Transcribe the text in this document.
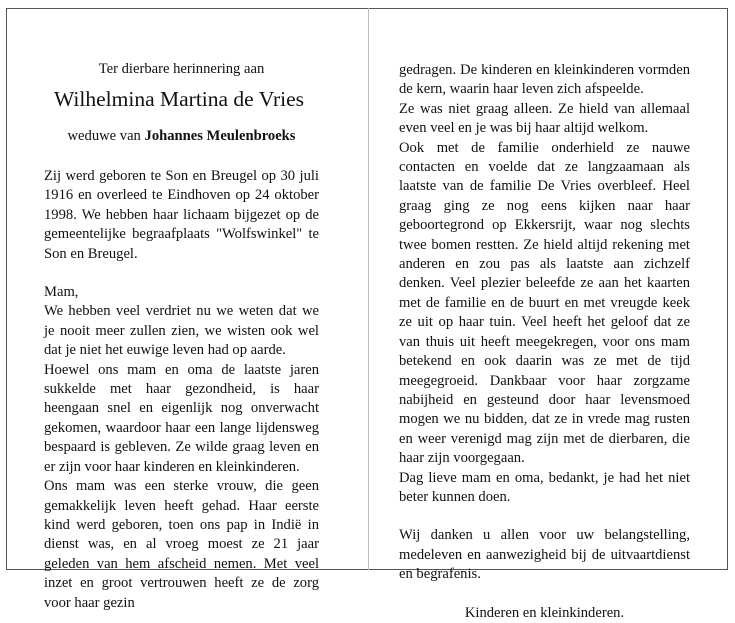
Ter dierbare herinnering aan
Wilhelmina Martina de Vries
weduwe van Johannes Meulenbroeks

Zij werd geboren te Son en Breugel op 30 juli 1916 en overleed te Eindhoven op 24 oktober 1998. We hebben haar lichaam bijgezet op de gemeentelijke begraafplaats "Wolfswinkel" te Son en Breugel.

Mam,

We hebben veel verdriet nu we weten dat we je nooit meer zullen zien, we wisten ook wel dat je niet het euwige leven had op aarde.

Hoewel ons mam en oma de laatste jaren sukkelde met haar gezondheid, is haar heengaan snel en eigenlijk nog onverwacht gekomen, waardoor haar een lange lijdensweg bespaard is gebleven. Ze wilde graag leven en er zijn voor haar kinderen en kleinkinderen.

Ons mam was een sterke vrouw, die geen gemakkelijk leven heeft gehad. Haar eerste kind werd geboren, toen ons pap in Indië in dienst was, en al vroeg moest ze 21 jaar geleden van hem afscheid nemen. Met veel inzet en groot vertrouwen heeft ze de zorg voor haar gezin

gedragen. De kinderen en kleinkinderen vormden de kern, waarin haar leven zich afspeelde.

Ze was niet graag alleen. Ze hield van allemaal even veel en je was bij haar altijd welkom.

Ook met de familie onderhield ze nauwe contacten en voelde dat ze langzaamaan als laatste van de familie De Vries overbleef. Heel graag ging ze nog eens kijken naar haar geboortegrond op Ekkersrijt, waar nog slechts twee bomen restten. Ze hield altijd rekening met anderen en zou pas als laatste aan zichzelf denken. Veel plezier beleefde ze aan het kaarten met de familie en de buurt en met vreugde keek ze uit op haar tuin. Veel heeft het geloof dat ze van thuis uit heeft meegekregen, voor ons mam betekend en ook daarin was ze met de tijd meegegroeid. Dankbaar voor haar zorgzame nabijheid en gesteund door haar levensmoed mogen we nu bidden, dat ze in vrede mag rusten en weer verenigd mag zijn met de dierbaren, die haar zijn voorgegaan.

Dag lieve mam en oma, bedankt, je had het niet beter kunnen doen.

Wij danken u allen voor uw belangstelling, medeleven en aanwezigheid bij de uitvaartdienst en begrafenis.

Kinderen en kleinkinderen.
